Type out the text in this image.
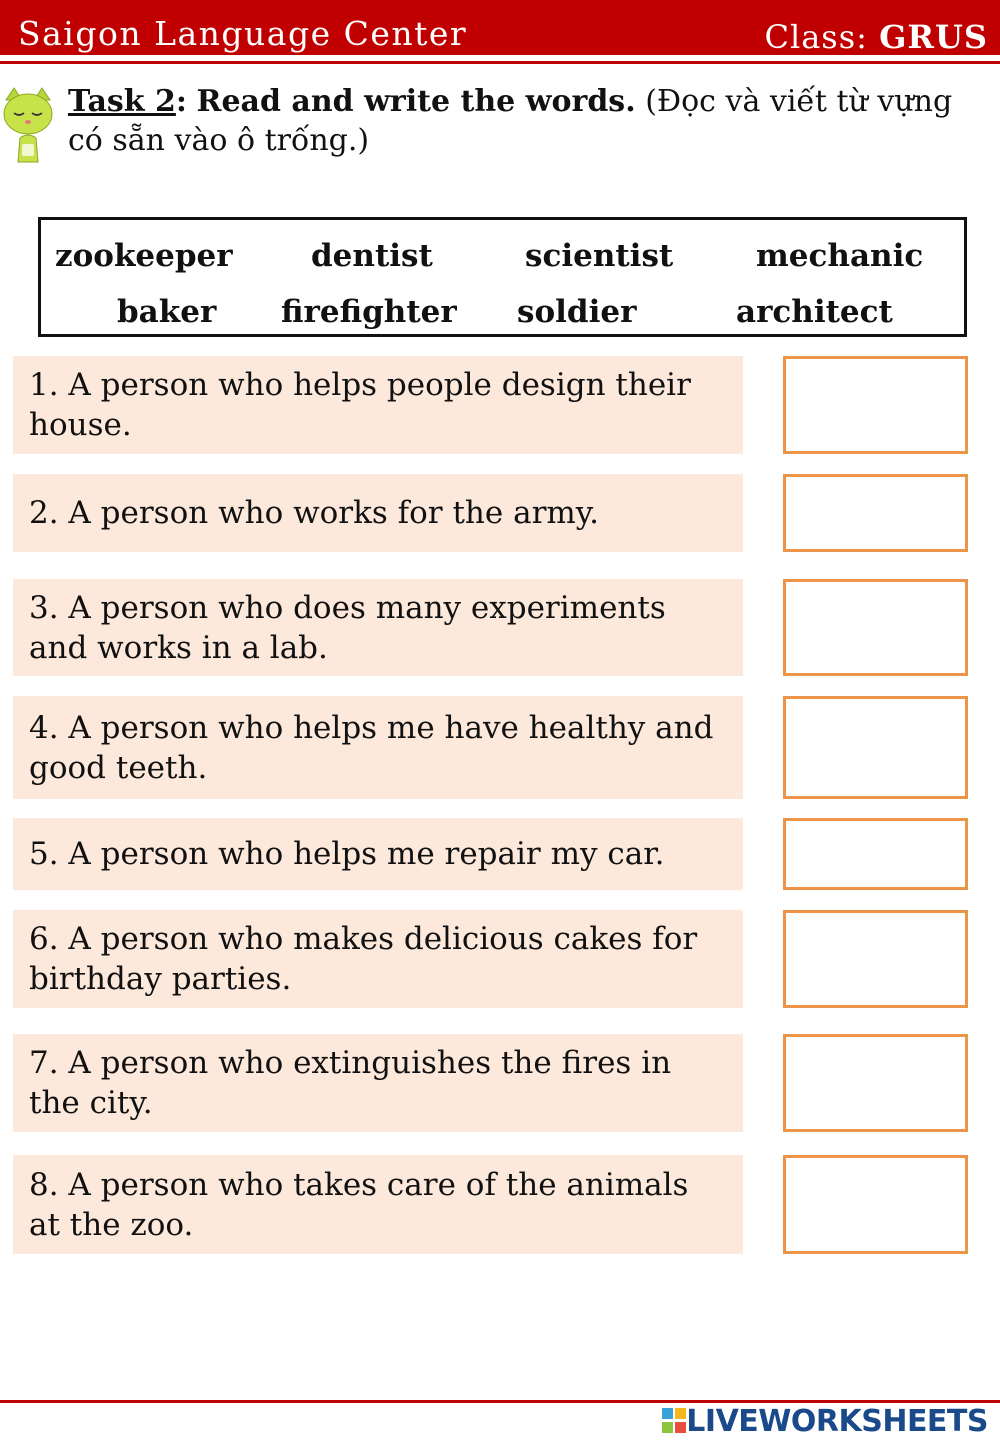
Saigon Language Center	Class: GRUS
Task 2: Read and write the words. (Đọc và viết từ vựng có sẵn vào ô trống.)
zookeeper	dentist	scientist	mechanic
baker firefighter soldier	architect
1. A person who helps people design their house.
2. A person who works for the army.
3. A person who does many experiments and works in a lab.
4. A person who helps me have healthy and good teeth.
5. A person who helps me repair my car.
6. A person who makes delicious cakes for birthday parties.
7. A person who extinguishes the fires in the city.
8. A person who takes care of the animals at the zoo.
LIVEWORKSHEETS
